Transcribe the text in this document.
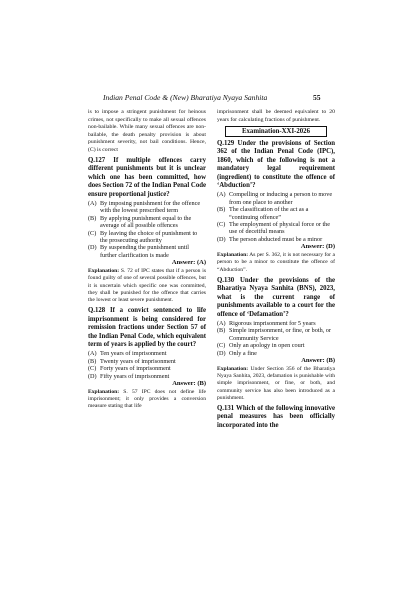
Indian Penal Code & (New) Bharatiya Nyaya Sanhita	55

is to impose a stringent punishment for heinous crimes, not specifically to make all sexual offences non-bailable. While many sexual offences are non-bailable, the death penalty provision is about punishment severity, not bail conditions. Hence, (C) is correct

Q.127 If multiple offences carry different punishments but it is unclear which one has been committed, how does Section 72 of the Indian Penal Code ensure proportional justice?

(A) By imposing punishment for the offence with the lowest prescribed term
(B) By applying punishment equal to the average of all possible offences
(C) By leaving the choice of punishment to the prosecuting authority
(D) By suspending the punishment until further clarification is made

Answer: (A)

Explanation: S. 72 of IPC states that if a person is found guilty of one of several possible offences, but it is uncertain which specific one was committed, they shall be punished for the offence that carries the lowest or least severe punishment.

Q.128 If a convict sentenced to life imprisonment is being considered for remission fractions under Section 57 of the Indian Penal Code, which equivalent term of years is applied by the court?

(A) Ten years of imprisonment
(B) Twenty years of imprisonment
(C) Forty years of imprisonment
(D) Fifty years of imprisonment

Answer: (B)

Explanation: S. 57 IPC does not define life imprisonment; it only provides a conversion measure stating that life

imprisonment shall be deemed equivalent to 20 years for calculating fractions of punishment.

Examination-XXI-2026

Q.129 Under the provisions of Section 362 of the Indian Penal Code (IPC), 1860, which of the following is not a mandatory legal requirement (ingredient) to constitute the offence of ‘Abduction’?

(A) Compelling or inducing a person to move from one place to another
(B) The classification of the act as a “continuing offence”
(C) The employment of physical force or the use of deceitful means
(D) The person abducted must be a minor

Answer: (D)

Explanation: As per S. 362, it is not necessary for a person to be a minor to constitute the offence of “Abduction”.

Q.130 Under the provisions of the Bharatiya Nyaya Sanhita (BNS), 2023, what is the current range of punishments available to a court for the offence of ‘Defamation’?

(A) Rigorous imprisonment for 5 years
(B) Simple imprisonment, or fine, or both, or Community Service
(C) Only an apology in open court
(D) Only a fine

Answer: (B)

Explanation: Under Section 356 of the Bharatiya Nyaya Sanhita, 2023, defamation is punishable with simple imprisonment, or fine, or both, and community service has also been introduced as a punishment.

Q.131 Which of the following innovative penal measures has been officially incorporated into the
